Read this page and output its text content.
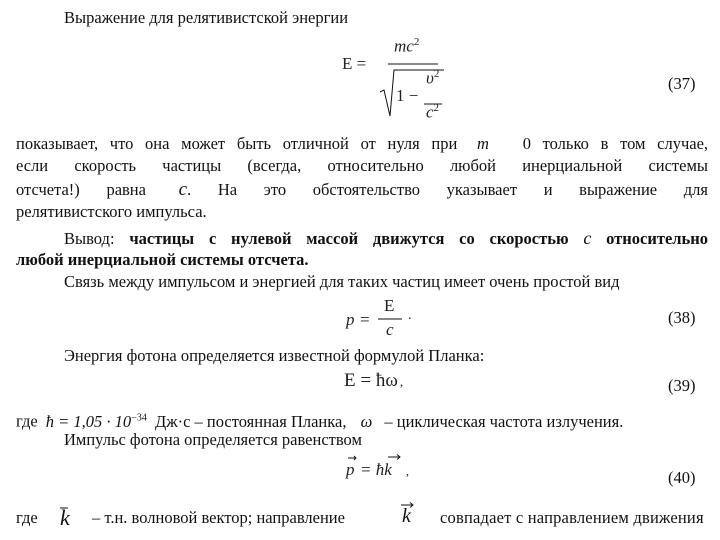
Выражение для релятивистской энергии
E =
$mc^2$
1 −
$\upsilon^2$
$c^2$
(37)
показывает, что она может быть отличной от нуля при m 0 только в том случае,
если скорость частицы (всегда, относительно любой инерциальной системы
отсчета!) равна c. На это обстоятельство указывает и выражение для
релятивистского импульса.
Вывод: частицы с нулевой массой движутся со скоростью c относительно
любой инерциальной системы отсчета.
Связь между импульсом и энергией для таких частиц имеет очень простой вид
p =
E
c
.	(38)
Энергия фотона определяется известной формулой Планка:
E = ħω ,	(39)
где ħ = $1,05 \cdot 10^{-34}$ Дж·с – постоянная Планка, ω – циклическая частота излучения.
Импульс фотона определяется равенством
p = ħk ,	(40)
где k – т.н. волновой вектор; направление	k совпадает с направлением движения
